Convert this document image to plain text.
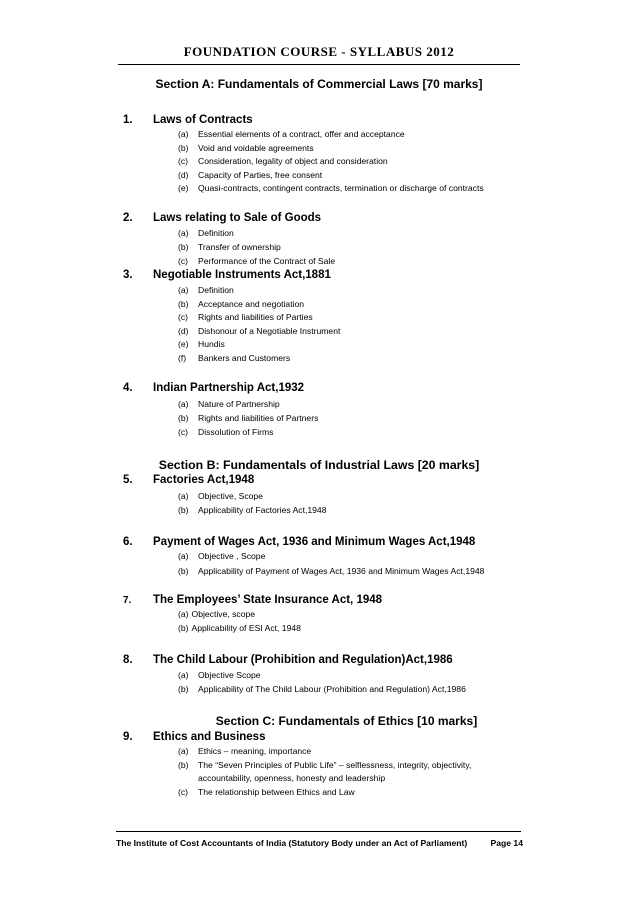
FOUNDATION COURSE - SYLLABUS 2012
Section A: Fundamentals of Commercial Laws [70 marks]
1. Laws of Contracts
(a) Essential elements of a contract, offer and acceptance
(b) Void and voidable agreements
(c) Consideration, legality of object and consideration
(d) Capacity of Parties, free consent
(e) Quasi-contracts, contingent contracts, termination or discharge of contracts
2. Laws relating to Sale of Goods
(a) Definition
(b) Transfer of ownership
(c) Performance of the Contract of Sale
3. Negotiable Instruments Act,1881
(a) Definition
(b) Acceptance and negotiation
(c) Rights and liabilities of Parties
(d) Dishonour of a Negotiable Instrument
(e) Hundis
(f) Bankers and Customers
4. Indian Partnership Act,1932
(a) Nature of Partnership
(b) Rights and liabilities of Partners
(c) Dissolution of Firms
Section B: Fundamentals of Industrial Laws [20 marks]
5. Factories Act,1948
(a) Objective, Scope
(b) Applicability of Factories Act,1948
6. Payment of Wages Act, 1936 and Minimum Wages Act,1948
(a) Objective , Scope
(b) Applicability of Payment of Wages Act, 1936 and Minimum Wages Act,1948
7. The Employees’ State Insurance Act, 1948
(a) Objective, scope
(b) Applicability of ESI Act, 1948
8. The Child Labour (Prohibition and Regulation)Act,1986
(a) Objective Scope
(b) Applicability of The Child Labour (Prohibition and Regulation) Act,1986
Section C: Fundamentals of Ethics [10 marks]
9. Ethics and Business
(a) Ethics – meaning, importance
(b) The “Seven Principles of Public Life” – selflessness, integrity, objectivity,
accountability, openness, honesty and leadership
(c) The relationship between Ethics and Law
The Institute of Cost Accountants of India (Statutory Body under an Act of Parliament)	Page 14
